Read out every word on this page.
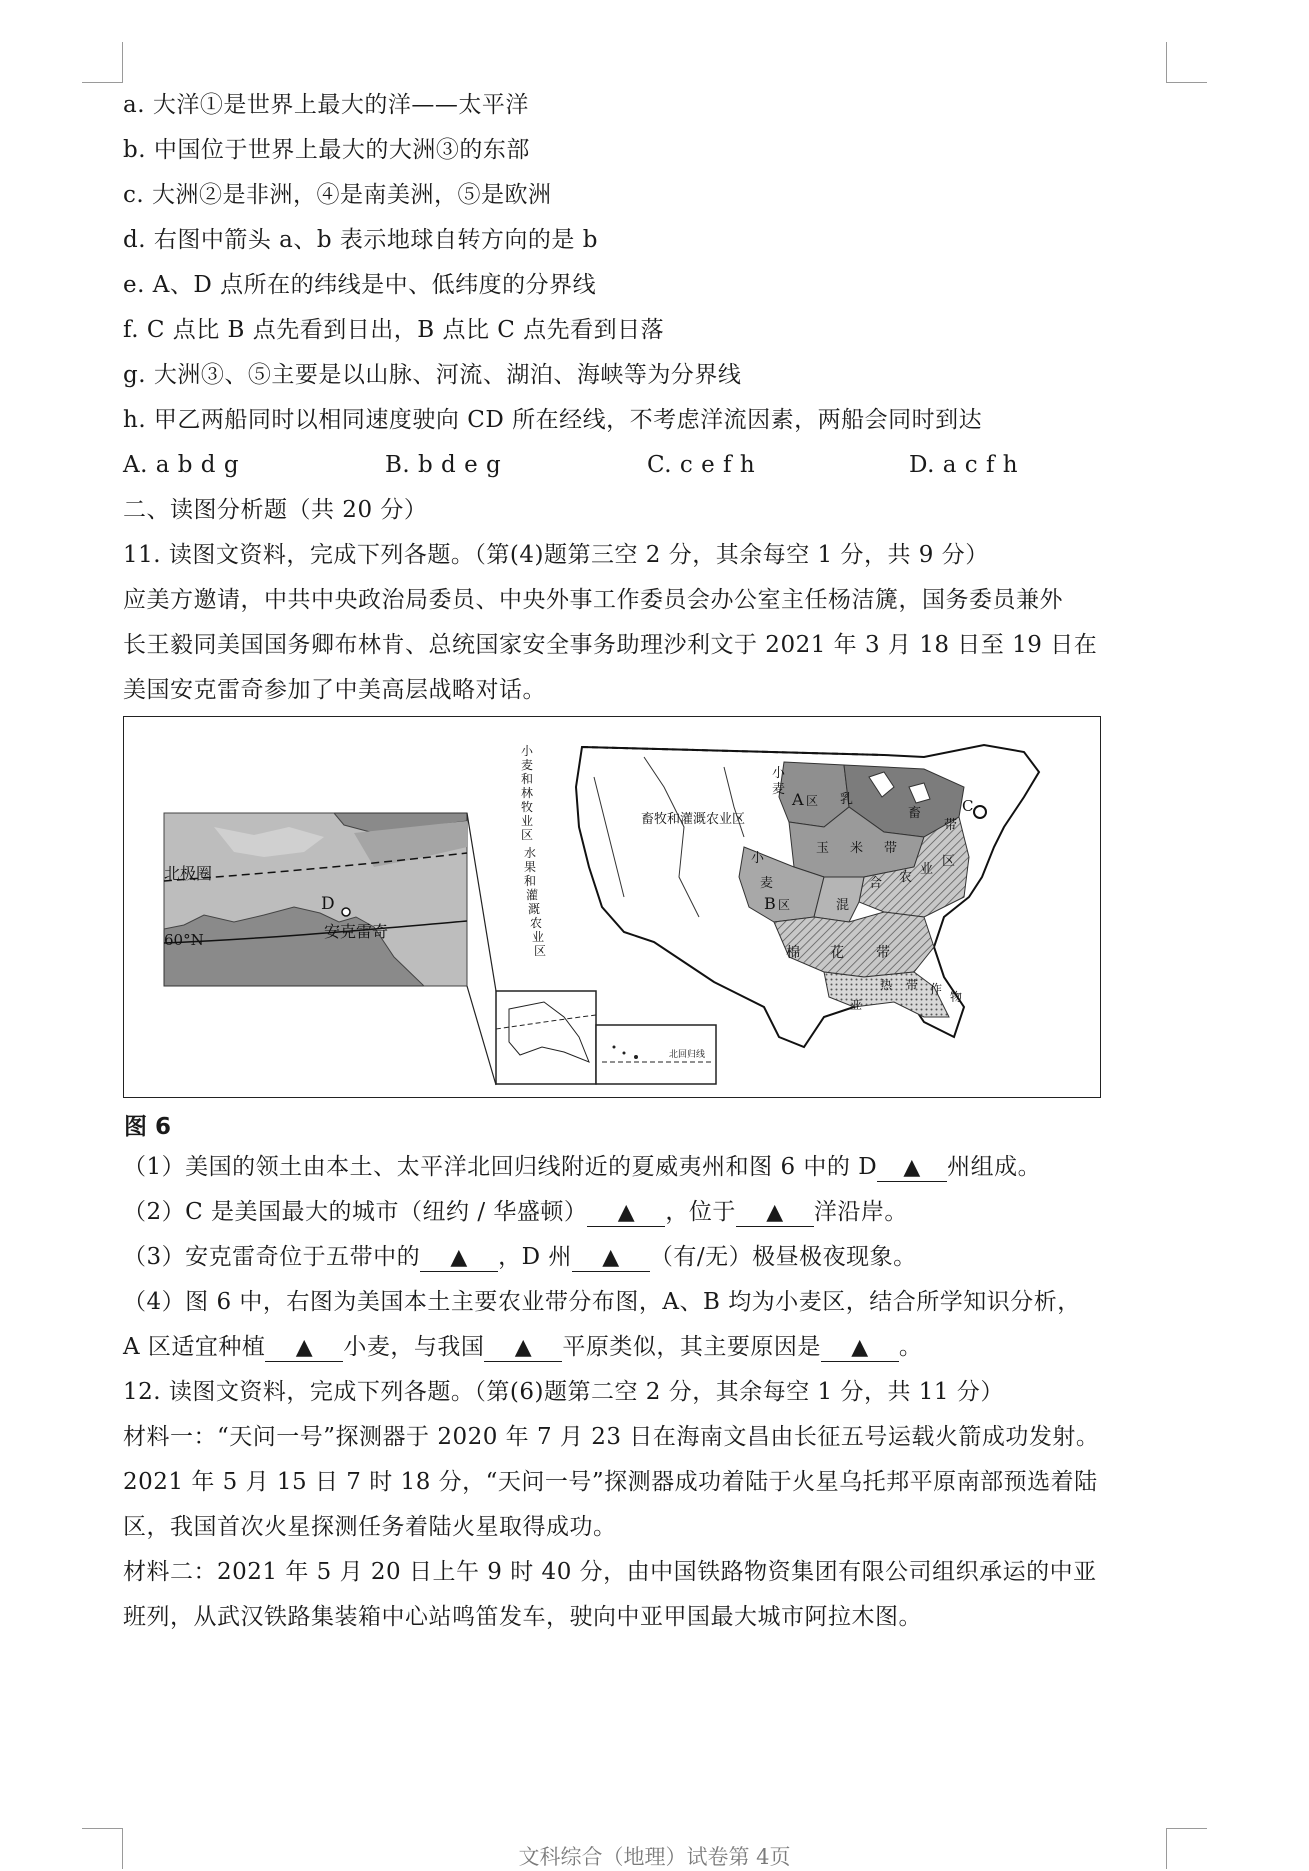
a. 大洋①是世界上最大的洋——太平洋
b. 中国位于世界上最大的大洲③的东部
c. 大洲②是非洲，④是南美洲，⑤是欧洲
d. 右图中箭头 a、b 表示地球自转方向的是 b
e. A、D 点所在的纬线是中、低纬度的分界线
f. C 点比 B 点先看到日出，B 点比 C 点先看到日落
g. 大洲③、⑤主要是以山脉、河流、湖泊、海峡等为分界线
h. 甲乙两船同时以相同速度驶向 CD 所在经线，不考虑洋流因素，两船会同时到达
A. a b d g	B. b d e g	C. c e f h	D. a c f h
二、读图分析题（共 20 分）
11. 读图文资料，完成下列各题。（第(4)题第三空 2 分，其余每空 1 分，共 9 分）
应美方邀请，中共中央政治局委员、中央外事工作委员会办公室主任杨洁篪，国务委员兼外
长王毅同美国国务卿布林肯、总统国家安全事务助理沙利文于 2021 年 3 月 18 日至 19 日在
美国安克雷奇参加了中美高层战略对话。
北极圈
60°N
D
安克雷奇
北回归线
小
麦
和
林
牧
业
区
水
果
和
灌
溉
农
业
区
畜牧和灌溉农业区
小
麦
A 区 乳
畜
带
C
玉 米 带
小
麦
B 区	混
合 农
业
区
棉 花 带
亚
热 带 作
物
图 6
（1）美国的领土由本土、太平洋北回归线附近的夏威夷州和图 6 中的 D ▲ 州组成。
（2）C 是美国最大的城市（纽约 / 华盛顿） ▲ ，位于 ▲ 洋沿岸。
（3）安克雷奇位于五带中的 ▲ ，D 州 ▲ （有/无）极昼极夜现象。
（4）图 6 中，右图为美国本土主要农业带分布图，A、B 均为小麦区，结合所学知识分析，
A 区适宜种植 ▲ 小麦，与我国 ▲ 平原类似，其主要原因是 ▲ 。
12. 读图文资料，完成下列各题。（第(6)题第二空 2 分，其余每空 1 分，共 11 分）
材料一：“天问一号”探测器于 2020 年 7 月 23 日在海南文昌由长征五号运载火箭成功发射。
2021 年 5 月 15 日 7 时 18 分，“天问一号”探测器成功着陆于火星乌托邦平原南部预选着陆
区，我国首次火星探测任务着陆火星取得成功。
材料二：2021 年 5 月 20 日上午 9 时 40 分，由中国铁路物资集团有限公司组织承运的中亚
班列，从武汉铁路集装箱中心站鸣笛发车，驶向中亚甲国最大城市阿拉木图。
文科综合（地理）试卷第 4页
